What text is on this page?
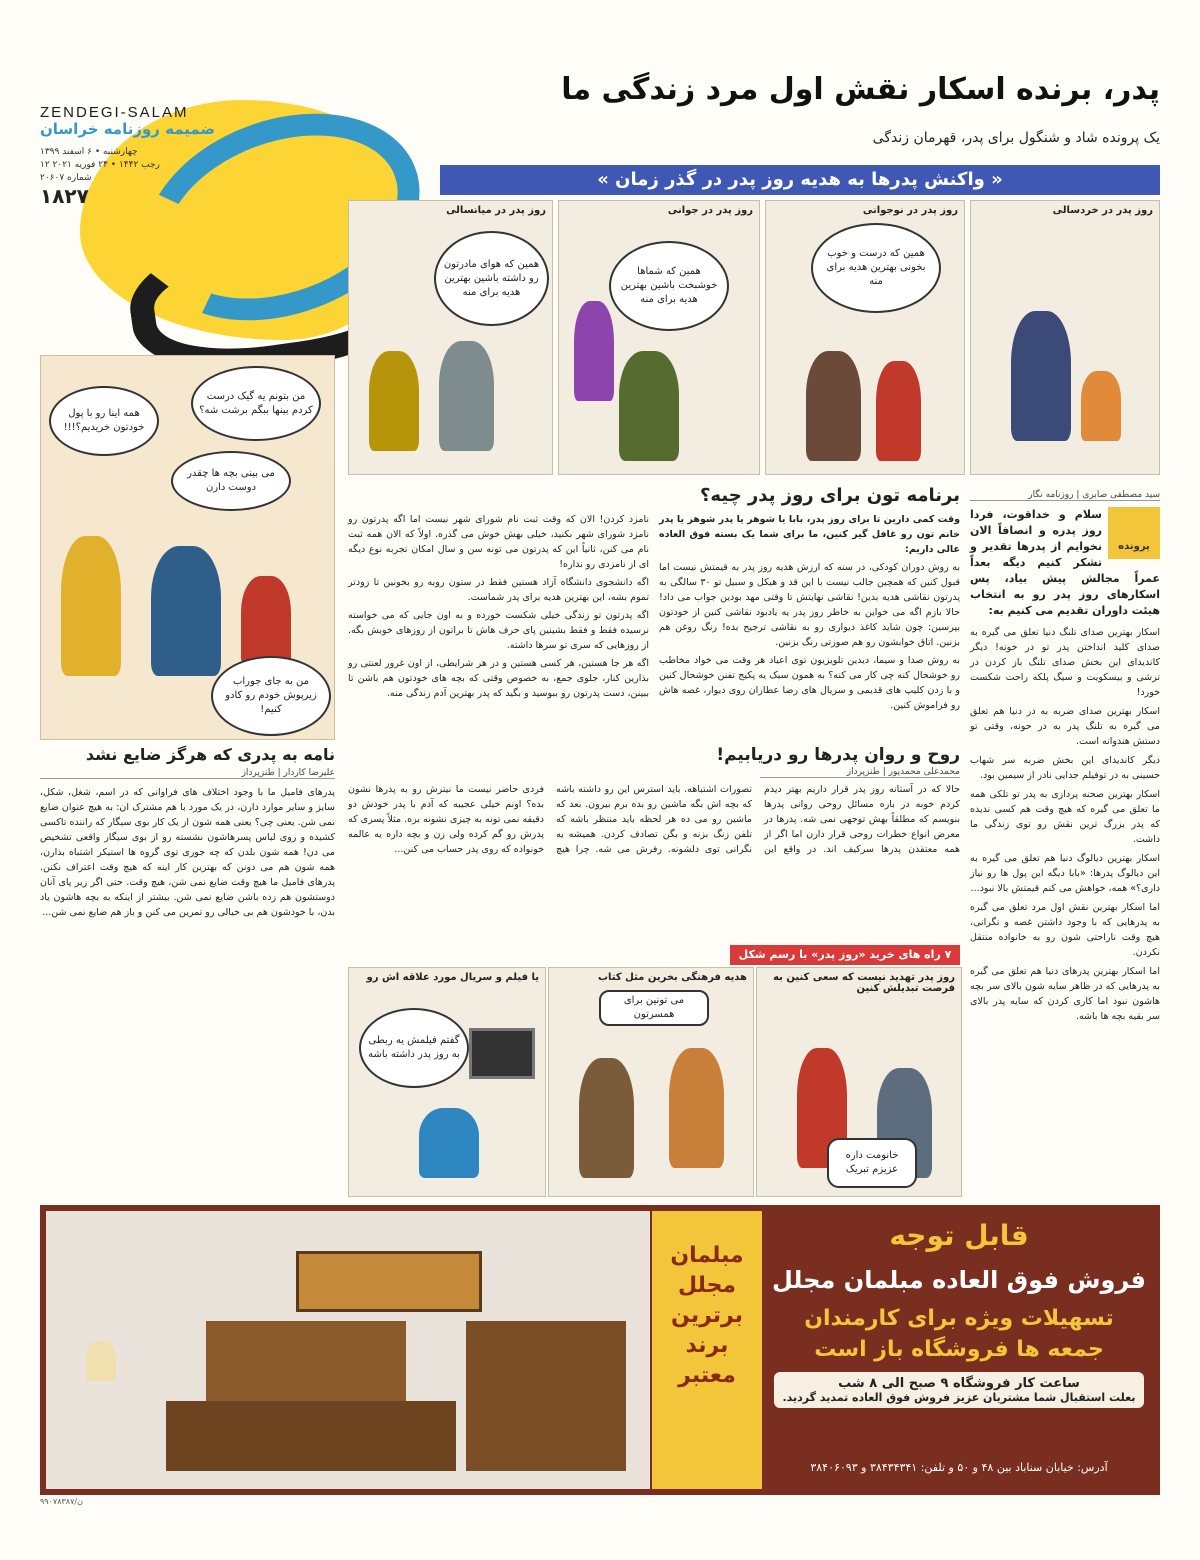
ZENDEGI-SALAM
ضمیمه روزنامه خراسان
چهارشنبه • ۶ اسفند ۱۳۹۹
۱۲ رجب ۱۴۴۲ • ۲۴ فوریه ۲۰۲۱
شماره ۲۰۶۰۷
۱۸۲۷
پدر، برنده اسکار نقش اول مرد زندگی ما
یک پرونده شاد و شنگول برای پدر، قهرمان زندگی
« واکنش پدرها به هدیه روز پدر در گذر زمان »
روز پدر در خردسالی
روز پدر در نوجوانی
همین که درست و خوب بخونی بهترین هدیه برای منه
روز پدر در جوانی
همین که شماها خوشبخت باشین بهترین هدیه برای منه
روز پدر در میانسالی
همین که هوای مادرتون رو داشته باشین بهترین هدیه برای منه
من بتونم یه گیک درست کردم بینها ببگم برشت شه؟
همه اینا رو با پول خودتون خریدیم؟!!!
می بینی بچه ها چقدر دوست دارن
من به جای جوراب زیرپوش خودم رو کادو کنیم!
سید مصطفی صابری | روزنامه نگار
پرونده
سلام و خداقوت، فردا روز پدره و انصافاً الان نخوایم از پدرها تقدیر و تشکر کنیم دیگه بعداً عمراً مجالش پیش بیاد، پس اسکارهای روز پدر رو به انتخاب هیئت داوران تقدیم می کنیم به:
اسکار بهترین صدای تلنگ دنیا تعلق می گیره به صدای کلید انداختن پدر تو در خونه! دیگر کاندیدای این بخش صدای تلنگ باز کردن در ترشی و بیسکویت و سیگ پلکه راحت شکست خورد!
اسکار بهترین صدای ضربه به در دنیا هم تعلق می گیره به تلنگ پدر به در حونه، وقتی تو دستش هندوانه است.
دیگر کاندیدای این بخش ضربه سر شهاب حسینی به در توفیلم جدایی نادر از سیمین بود.
اسکار بهترین صحنه پردازی به پدر تو تلکی همه ما تعلق می گیره که هیچ وقت هم کسی ندیده که پدر بزرگ ترین نقش رو توی زندگی ما داشت.
اسکار بهترین دیالوگ دنیا هم تعلق می گیره به این دیالوگ پدرها: «بابا دیگه این پول ها رو نیاز داری؟» همه، خواهش می کنم قیمتش بالا نبود...
اما اسکار بهترین نقش اول مرد تعلق می گیره به پدرهایی که با وجود داشتن غصه و نگرانی، هیچ وقت ناراحتی شون رو به خانواده منتقل نکردن.
اما اسکار بهترین پدرهای دنیا هم تعلق می گیره به پدرهایی که در ظاهر سایه شون بالای سر بچه هاشون نبود اما کاری کردن که سایه پدر بالای سر بقیه بچه ها باشه.
برنامه تون برای روز پدر چیه؟
وقت کمی دارین تا برای روز پدر، بابا یا شوهر یا پدر شوهر یا پدر خانم تون رو غافل گیر کنین، ما برای شما یک بسته فوق العاده عالی داریم:
به روش دوران کودکی، در سنه که ارزش هدیه روز پدر به قیمتش نیست اما قبول کنین که همچین جالب نیست با این قد و هیکل و سبیل تو ۳۰ سالگی به پدرتون نقاشی هدیه بدین! نقاشی نهایتش تا وقتی مهد بودین جواب می داد! حالا بازم اگه می خواین به خاطر روز پدر یه یادبود نقاشی کنین از خودتون بپرسین: چون شاید کاغذ دیواری رو به نقاشی ترجیح بده! رنگ روغن هم بزنین. اتاق خوابشون رو هم صورتی رنگ بزنین.
به روش صدا و سیما، دیدین تلویزیون توی اعیاد هر وقت می خواد مخاطب رو خوشحال کنه چی کار می کنه؟ به همون سبک یه پکیج تفنن خوشحال کنین و با زدن کلیپ های قدیمی و سریال های رضا عطاران روی دیوار، غصه هاش رو فراموش کنین.
نامزد کردن! الان که وقت ثبت نام شورای شهر نیست اما اگه پدرتون رو نامزد شورای شهر بکنید، خیلی بهش خوش می گذره. اولاً که الان همه ثبت نام می کنن، ثانیاً این که پدرتون می تونه سن و سال امکان تجربه نوع دیگه ای از نامزدی رو نداره!
اگه دانشجوی دانشگاه آزاد هستین فقط در ستون روبه رو بخونین تا زودتر تموم بشه، این بهترین هدیه برای پدر شماست.
اگه پدرتون تو زندگی خیلی شکست خورده و به اون جایی که می خواسته نرسیده فقط و فقط بشینین پای حرف هاش تا براتون از روزهای خوبش بگه. از روزهایی که سری تو سرها داشته.
اگه هر جا هستین، هر کسی هستین و در هر شرایطی، از اون غرور لعنتی رو بذارین کنار، جلوی جمع، به خصوص وقتی که بچه های خودتون هم باشن تا ببینن، دست پدرتون رو ببوسید و بگید که پدر بهترین آدم زندگی منه.
روح و روان پدرها رو دریابیم!
محمدعلی محمدپور | طنزپرداز
حالا که در آستانه روز پدر قرار داریم بهتر دیدم کردم خوبه در باره مسائل روحی روانی پدرها بنویسم که مطلقاً بهش توجهی نمی شه. پدرها در معرض انواع خطرات روحی قرار دارن اما اگر از همه معتقدن پدرها سرکیف اند. در واقع این تصورات اشتباهه. باید استرس این رو داشته باشه که بچه اش بگه ماشین رو بده برم بیرون. بعد که ماشین رو می ده هر لحظه باید منتظر باشه که تلفن زنگ بزنه و بگن تصادف کردن. همیشه یه نگرانی توی دلشونه. رفرش می شه. چرا هیچ فردی حاضر نیست ما نیترش رو به پدرها نشون بده؟ اونم خیلی عجیبه که آدم با پدر خودش دو دقیقه نمی تونه به چیزی نشونه بره. مثلاً پسری که پدرش رو گم کرده ولی زن و بچه داره یه عالمه خونواده که روی پدر حساب می کنن...
نامه به پدری که هرگز ضایع نشد
علیرضا کاردار | طنزپرداز
پدرهای فامیل ما با وجود اختلاف های فراوانی که در اسم، شغل، شکل، سایز و سایر موارد دارن، در یک مورد با هم مشترک ان: به هیچ عنوان ضایع نمی شن. یعنی چی؟ یعنی همه شون از یک کار بوی سیگار که راننده تاکسی کشیده و روی لباس پسرهاشون نشسته رو از بوی سیگار واقعی تشخیص می دن! همه شون بلدن که چه جوری توی گروه ها استیکر اشتباه بذارن، همه شون هم می دونن که بهترین کار اینه که هیچ وقت اعتراف نکنن. پدرهای فامیل ما هیچ وقت ضایع نمی شن، هیچ وقت. حتی اگر زیر پای آنان دوستشون هم زده باشن ضایع نمی شن. بیشتر از اینکه به بچه هاشون یاد بدن، با خودشون هم بی خیالی رو تمرین می کنن و باز هم ضایع نمی شن...
۷ راه های خرید «روز پدر» با رسم شکل
روز پدر تهدید نیست که سعی کنین به فرصت تبدیلش کنین
خانومت داره عزیزم تبریک
هدیه فرهنگی بخرین مثل کتاب
می تونین برای همسرتون
یا فیلم و سریال مورد علاقه اش رو
گفتم فیلمش یه ربطی به روز پدر داشته باشه
مبلمان
مجلل
برترین
برند
معتبر
قابل توجه
فروش فوق العاده مبلمان مجلل
تسهیلات ویژه برای کارمندان
جمعه ها فروشگاه باز است
ساعت کار فروشگاه ۹ صبح الی ۸ شب
بعلت استقبال شما مشتریان عزیز فروش فوق العاده تمدید گردید.
آدرس: خیابان سناباد بین ۴۸ و ۵۰ و تلفن: ۳۸۴۳۴۳۴۱ و ۳۸۴۰۶۰۹۳
۹۹۰۷۸۳۸۷/ن
